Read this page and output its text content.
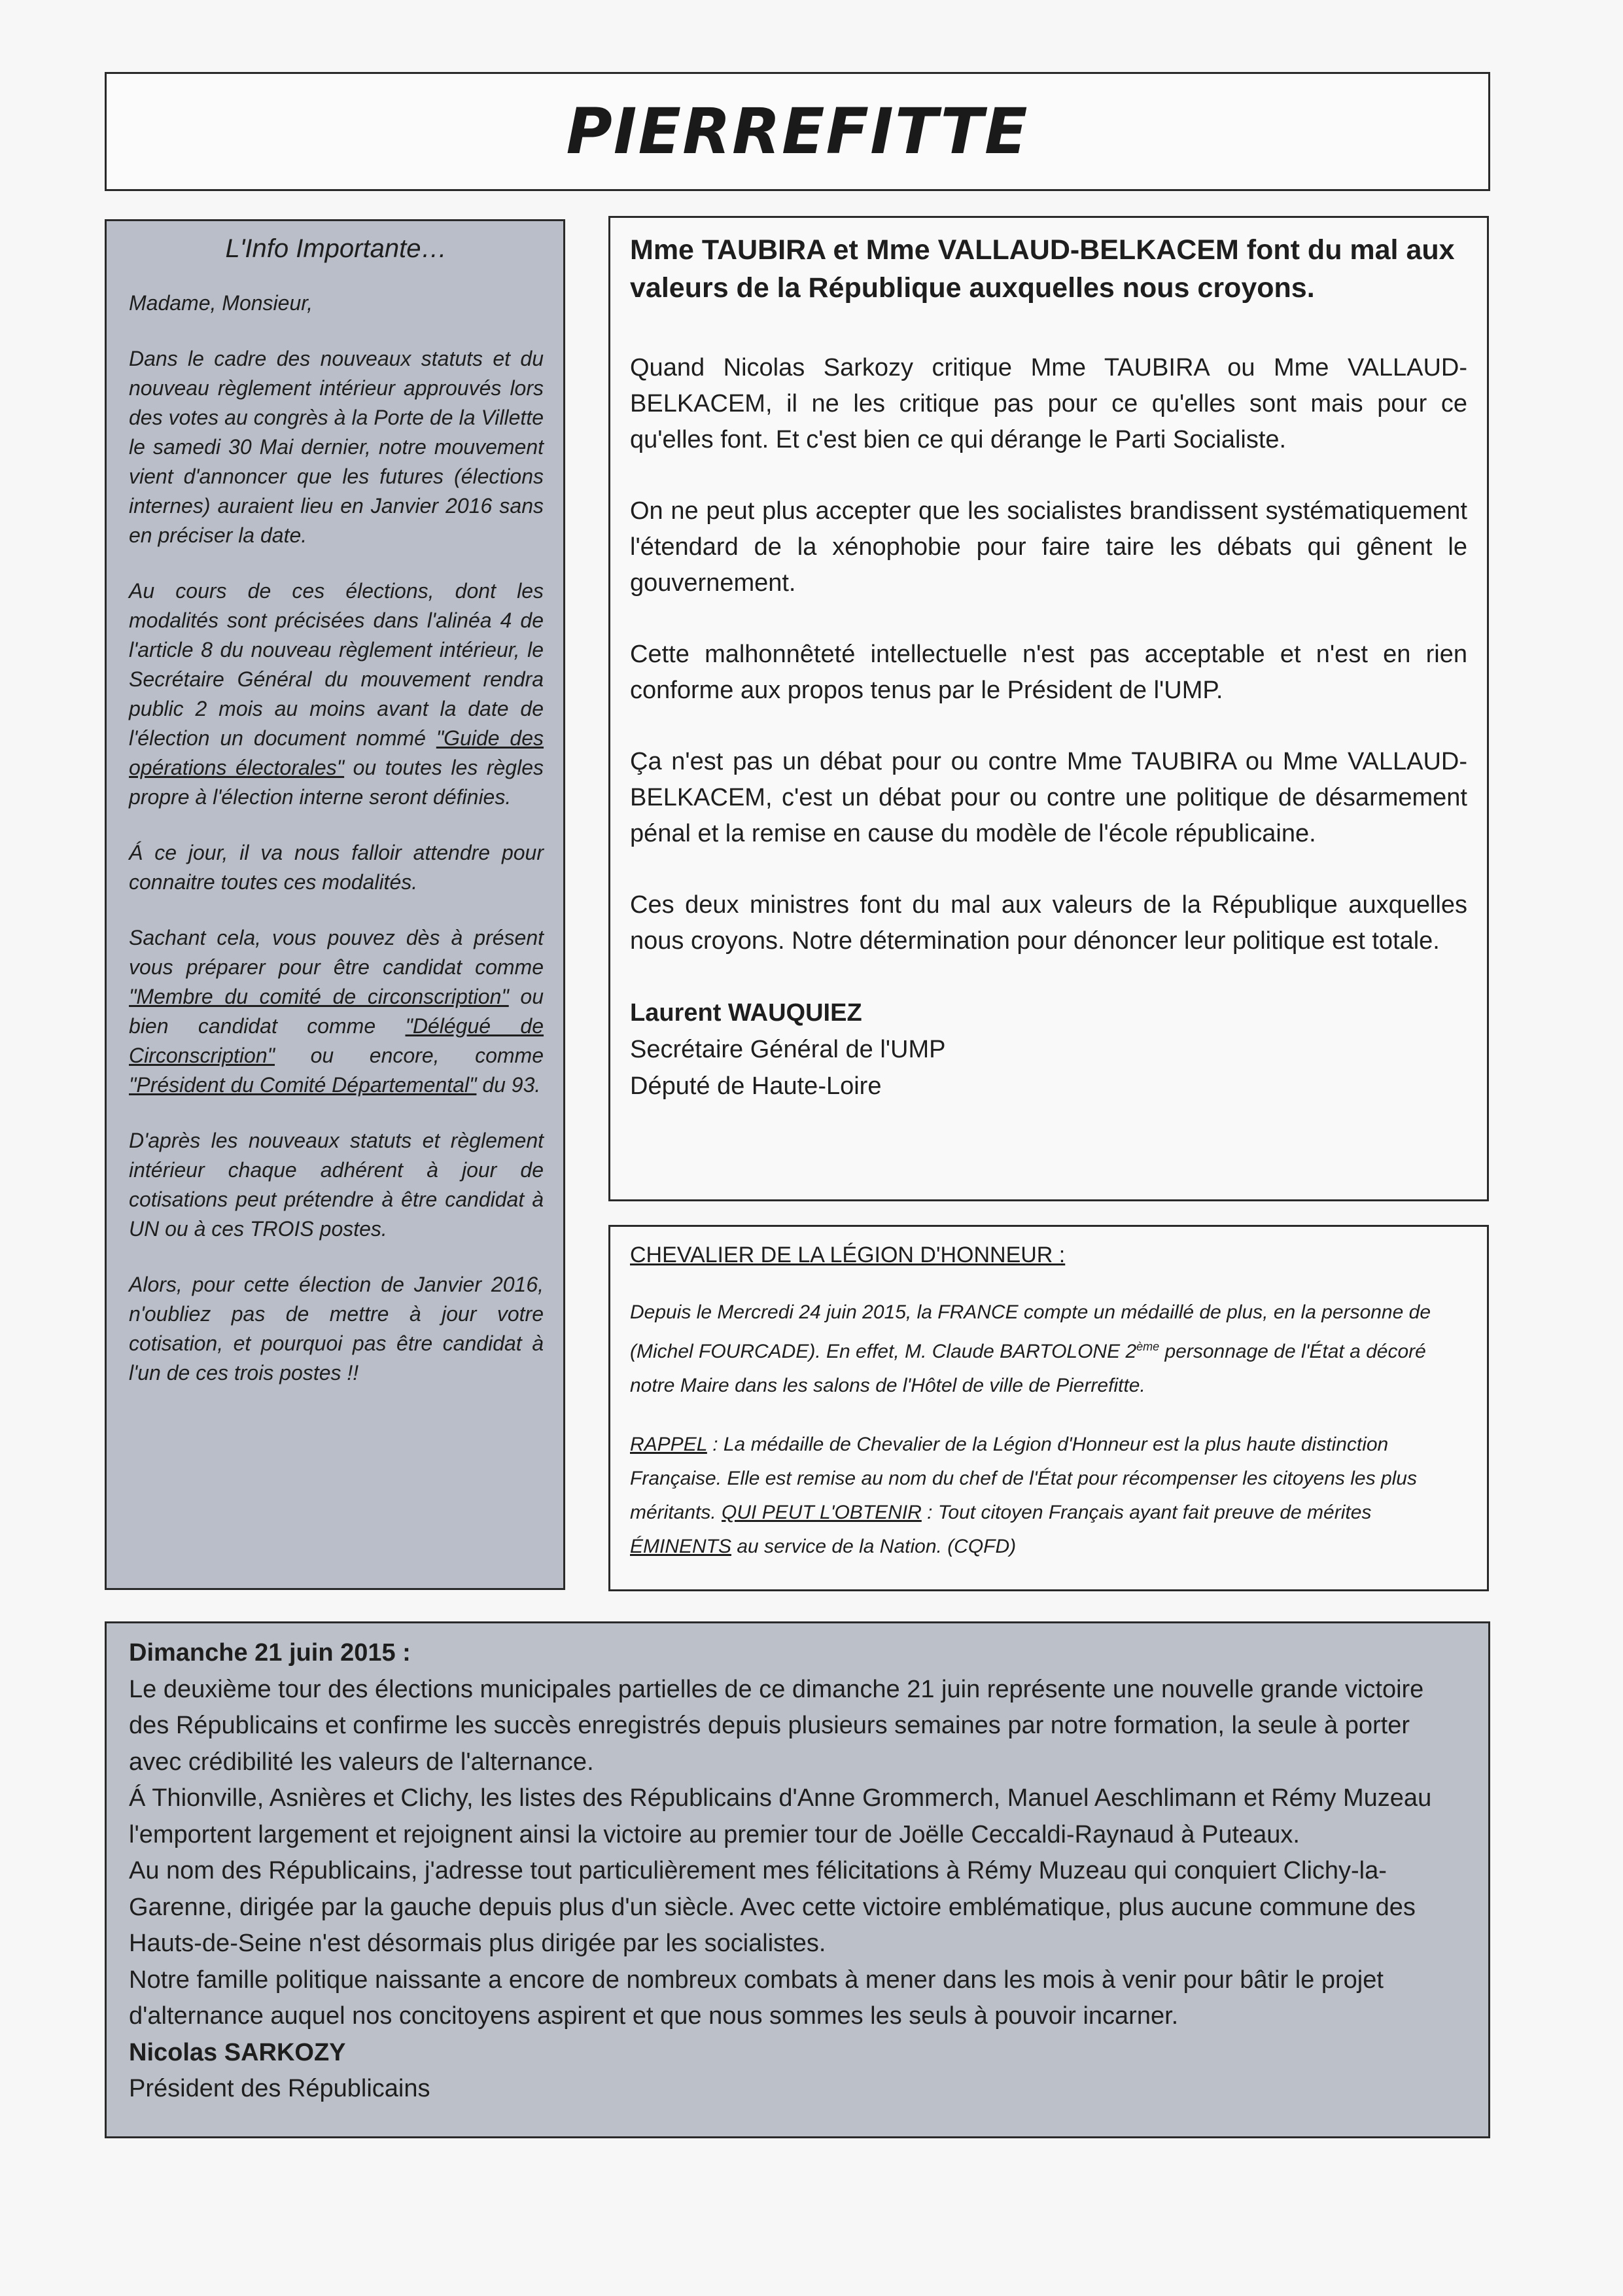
PIERREFITTE
L'Info Importante…

Madame, Monsieur,

Dans le cadre des nouveaux statuts et du nouveau règlement intérieur approuvés lors des votes au congrès à la Porte de la Villette le samedi 30 Mai dernier, notre mouvement vient d'annoncer que les futures (élections internes) auraient lieu en Janvier 2016 sans en préciser la date.

Au cours de ces élections, dont les modalités sont précisées dans l'alinéa 4 de l'article 8 du nouveau règlement intérieur, le Secrétaire Général du mouvement rendra public 2 mois au moins avant la date de l'élection un document nommé "Guide des opérations électorales" ou toutes les règles propre à l'élection interne seront définies.

Á ce jour, il va nous falloir attendre pour connaitre toutes ces modalités.

Sachant cela, vous pouvez dès à présent vous préparer pour être candidat comme "Membre du comité de circonscription" ou bien candidat comme "Délégué de Circonscription" ou encore, comme "Président du Comité Départemental" du 93.

D'après les nouveaux statuts et règlement intérieur chaque adhérent à jour de cotisations peut prétendre à être candidat à UN ou à ces TROIS postes.

Alors, pour cette élection de Janvier 2016, n'oubliez pas de mettre à jour votre cotisation, et pourquoi pas être candidat à l'un de ces trois postes !!

Mme TAUBIRA et Mme VALLAUD-BELKACEM font du mal aux valeurs de la République auxquelles nous croyons.

Quand Nicolas Sarkozy critique Mme TAUBIRA ou Mme VALLAUD-BELKACEM, il ne les critique pas pour ce qu'elles sont mais pour ce qu'elles font. Et c'est bien ce qui dérange le Parti Socialiste.

On ne peut plus accepter que les socialistes brandissent systématiquement l'étendard de la xénophobie pour faire taire les débats qui gênent le gouvernement.

Cette malhonnêteté intellectuelle n'est pas acceptable et n'est en rien conforme aux propos tenus par le Président de l'UMP.

Ça n'est pas un débat pour ou contre Mme TAUBIRA ou Mme VALLAUD-BELKACEM, c'est un débat pour ou contre une politique de désarmement pénal et la remise en cause du modèle de l'école républicaine.

Ces deux ministres font du mal aux valeurs de la République auxquelles nous croyons. Notre détermination pour dénoncer leur politique est totale.

Laurent WAUQUIEZ
Secrétaire Général de l'UMP
Député de Haute-Loire
CHEVALIER DE LA LÉGION D'HONNEUR :

Depuis le Mercredi 24 juin 2015, la FRANCE compte un médaillé de plus, en la personne de (Michel FOURCADE). En effet, M. Claude BARTOLONE 2ème personnage de l'État a décoré notre Maire dans les salons de l'Hôtel de ville de Pierrefitte.

RAPPEL : La médaille de Chevalier de la Légion d'Honneur est la plus haute distinction Française. Elle est remise au nom du chef de l'État pour récompenser les citoyens les plus méritants. QUI PEUT L'OBTENIR : Tout citoyen Français ayant fait preuve de mérites ÉMINENTS au service de la Nation. (CQFD)

Dimanche 21 juin 2015 :

Le deuxième tour des élections municipales partielles de ce dimanche 21 juin représente une nouvelle grande victoire des Républicains et confirme les succès enregistrés depuis plusieurs semaines par notre formation, la seule à porter avec crédibilité les valeurs de l'alternance.

Á Thionville, Asnières et Clichy, les listes des Républicains d'Anne Grommerch, Manuel Aeschlimann et Rémy Muzeau l'emportent largement et rejoignent ainsi la victoire au premier tour de Joëlle Ceccaldi-Raynaud à Puteaux.

Au nom des Républicains, j'adresse tout particulièrement mes félicitations à Rémy Muzeau qui conquiert Clichy-la-Garenne, dirigée par la gauche depuis plus d'un siècle. Avec cette victoire emblématique, plus aucune commune des Hauts-de-Seine n'est désormais plus dirigée par les socialistes.

Notre famille politique naissante a encore de nombreux combats à mener dans les mois à venir pour bâtir le projet d'alternance auquel nos concitoyens aspirent et que nous sommes les seuls à pouvoir incarner.

Nicolas SARKOZY

Président des Républicains
